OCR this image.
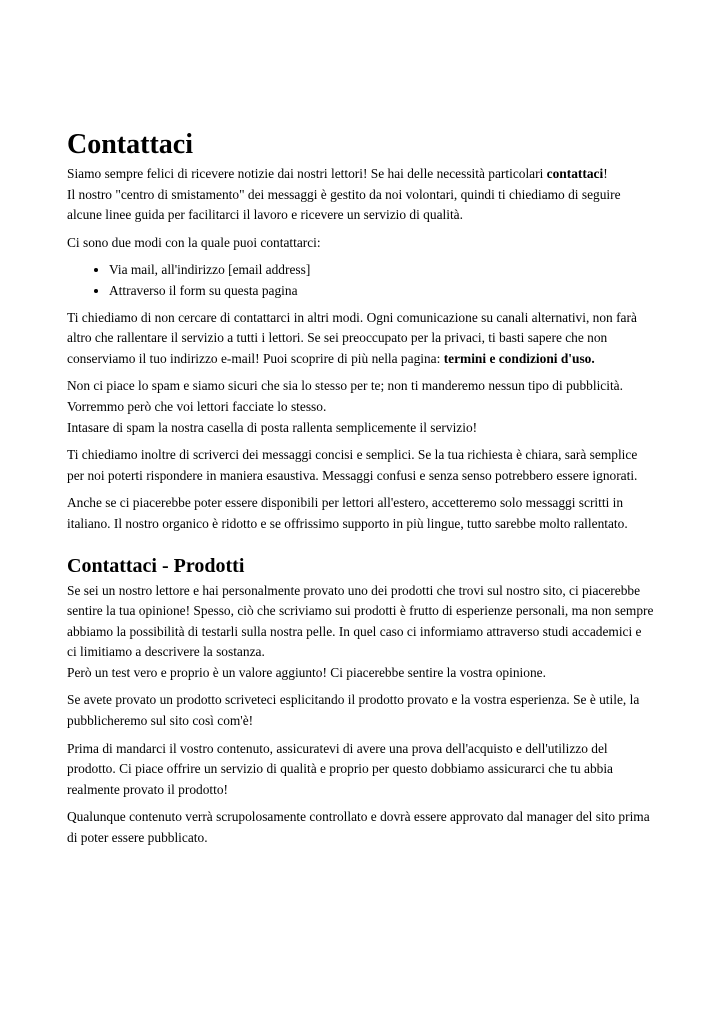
Contattaci

Siamo sempre felici di ricevere notizie dai nostri lettori! Se hai delle necessità particolari contattaci!
Il nostro "centro di smistamento" dei messaggi è gestito da noi volontari, quindi ti chiediamo di seguire alcune linee guida per facilitarci il lavoro e ricevere un servizio di qualità.

Ci sono due modi con la quale puoi contattarci:

• Via mail, all'indirizzo [email address]
• Attraverso il form su questa pagina

Ti chiediamo di non cercare di contattarci in altri modi. Ogni comunicazione su canali alternativi, non farà altro che rallentare il servizio a tutti i lettori. Se sei preoccupato per la privaci, ti basti sapere che non conserviamo il tuo indirizzo e-mail! Puoi scoprire di più nella pagina: termini e condizioni d'uso.

Non ci piace lo spam e siamo sicuri che sia lo stesso per te; non ti manderemo nessun tipo di pubblicità. Vorremmo però che voi lettori facciate lo stesso.
Intasare di spam la nostra casella di posta rallenta semplicemente il servizio!

Ti chiediamo inoltre di scriverci dei messaggi concisi e semplici. Se la tua richiesta è chiara, sarà semplice per noi poterti rispondere in maniera esaustiva. Messaggi confusi e senza senso potrebbero essere ignorati.

Anche se ci piacerebbe poter essere disponibili per lettori all'estero, accetteremo solo messaggi scritti in italiano. Il nostro organico è ridotto e se offrissimo supporto in più lingue, tutto sarebbe molto rallentato.

Contattaci - Prodotti

Se sei un nostro lettore e hai personalmente provato uno dei prodotti che trovi sul nostro sito, ci piacerebbe sentire la tua opinione! Spesso, ciò che scriviamo sui prodotti è frutto di esperienze personali, ma non sempre abbiamo la possibilità di testarli sulla nostra pelle. In quel caso ci informiamo attraverso studi accademici e ci limitiamo a descrivere la sostanza.
Però un test vero e proprio è un valore aggiunto! Ci piacerebbe sentire la vostra opinione.

Se avete provato un prodotto scriveteci esplicitando il prodotto provato e la vostra esperienza. Se è utile, la pubblicheremo sul sito così com'è!

Prima di mandarci il vostro contenuto, assicuratevi di avere una prova dell'acquisto e dell'utilizzo del prodotto. Ci piace offrire un servizio di qualità e proprio per questo dobbiamo assicurarci che tu abbia realmente provato il prodotto!

Qualunque contenuto verrà scrupolosamente controllato e dovrà essere approvato dal manager del sito prima di poter essere pubblicato.
